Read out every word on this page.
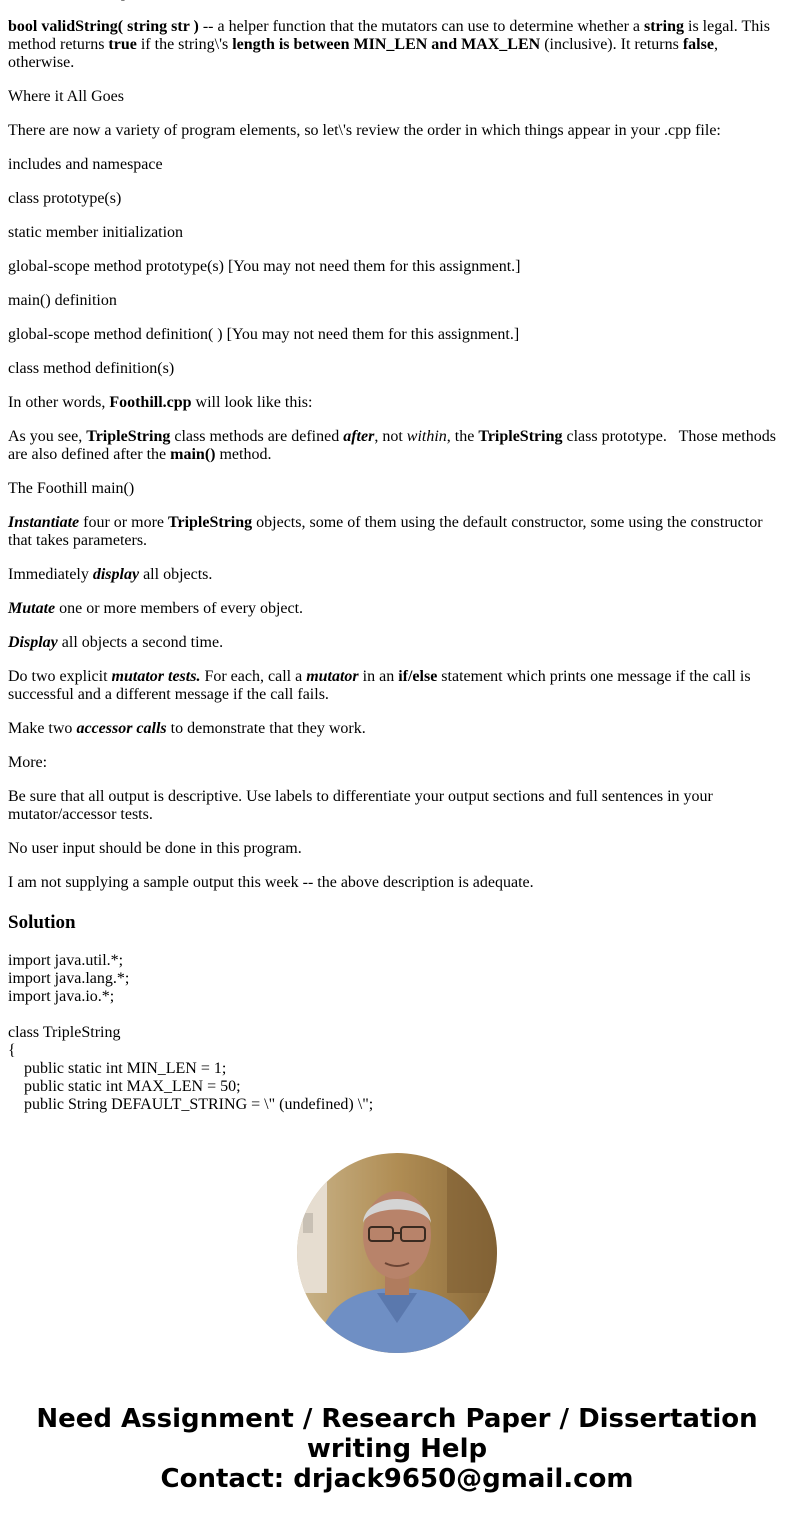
bool validString( string str ) -- a helper function that the mutators can use to determine whether a string is legal. This method returns true if the string\'s length is between MIN_LEN and MAX_LEN (inclusive). It returns false, otherwise.

Where it All Goes

There are now a variety of program elements, so let\'s review the order in which things appear in your .cpp file:

includes and namespace

class prototype(s)

static member initialization

global-scope method prototype(s) [You may not need them for this assignment.]

main() definition

global-scope method definition( ) [You may not need them for this assignment.]

class method definition(s)

In other words, Foothill.cpp will look like this:

As you see, TripleString class methods are defined after, not within, the TripleString class prototype.   Those methods are also defined after the main() method.

The Foothill main()

Instantiate four or more TripleString objects, some of them using the default constructor, some using the constructor that takes parameters.

Immediately display all objects.

Mutate one or more members of every object.

Display all objects a second time.

Do two explicit mutator tests. For each, call a mutator in an if/else statement which prints one message if the call is successful and a different message if the call fails.

Make two accessor calls to demonstrate that they work.

More:

Be sure that all output is descriptive. Use labels to differentiate your output sections and full sentences in your mutator/accessor tests.

No user input should be done in this program.

I am not supplying a sample output this week -- the above description is adequate.

Solution
import java.util.*;
import java.lang.*;
import java.io.*;
class TripleString
{
public static int MIN_LEN = 1;
public static int MAX_LEN = 50;
public String DEFAULT_STRING = \" (undefined) \";
Need Assignment / Research Paper / Dissertation
writing Help
Contact: drjack9650@gmail.com
